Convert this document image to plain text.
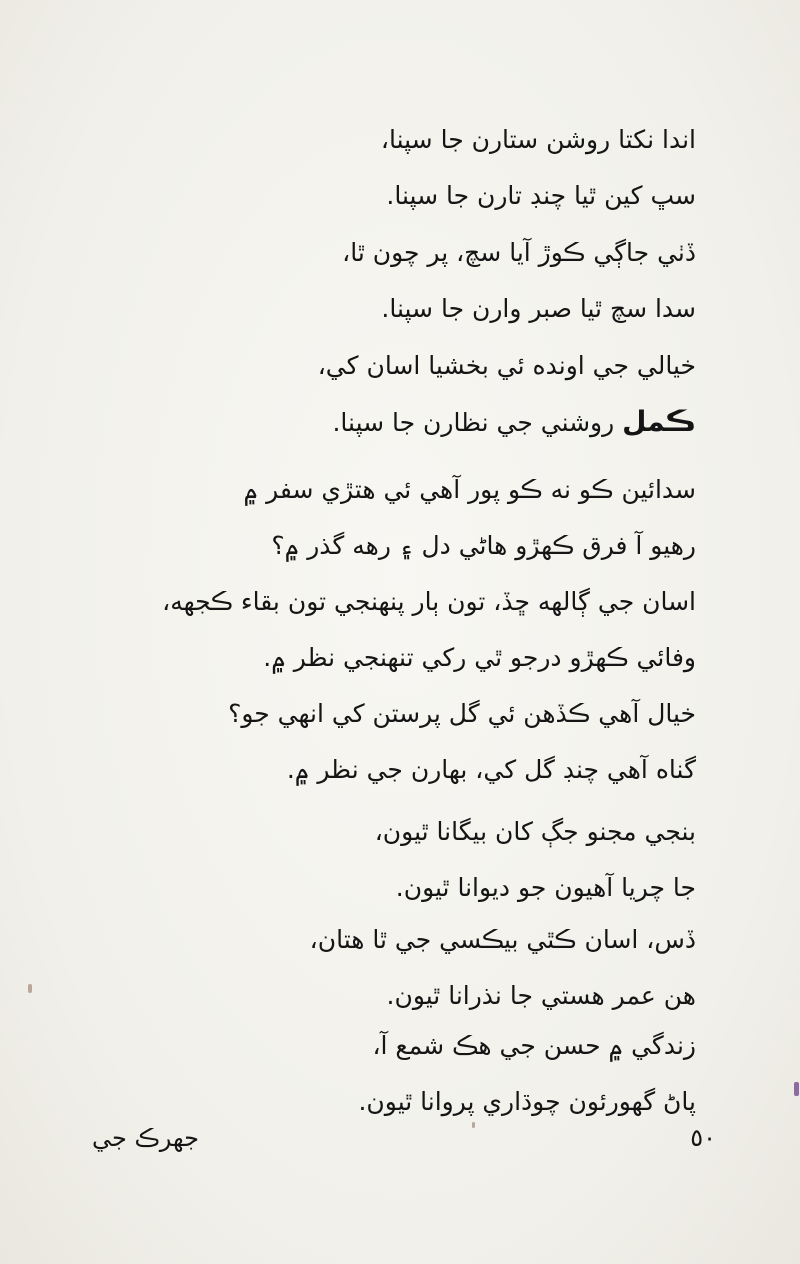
اندا نكتا روشن ستارن جا سپنا،
سڀ کين ٿيا چنڊ تارن جا سپنا.
ڏٺي جاڳي ڪوڙ آيا سچ، پر چون ٿا،
سدا سچ ٿيا صبر وارن جا سپنا.
خيالي جي اونده ئي بخشيا اسان کي،
ڪمل روشني جي نظارن جا سپنا.
سدائين ڪو نه ڪو پور آهي ئي هتڙي سفر ۾
رهيو آ فرق ڪهڙو هاڻي دل ۽ رهه گذر ۾؟
اسان جي ڳالهه ڇڏ، تون ٻار پنهنجي تون بقاء ڪجهه،
وفائي ڪهڙو درجو ٿي رکي تنهنجي نظر ۾.
خيال آهي ڪڏهن ئي گل پرستن کي انهي جو؟
گناه آهي چنڊ گل کي، بهارن جي نظر ۾.
بنجي مجنو جڳ کان بيگانا ٿيون،
جا چريا آهيون جو ديوانا ٿيون.
ڏس، اسان ڪٿي بيڪسي جي ٿا هتان،
هن عمر هستي جا نذرانا ٿيون.
زندگي ۾ حسن جي هڪ شمع آ،
پاڻ گهورئون چوڌاري پروانا ٿيون.
٥٠
جهرڪ جي
